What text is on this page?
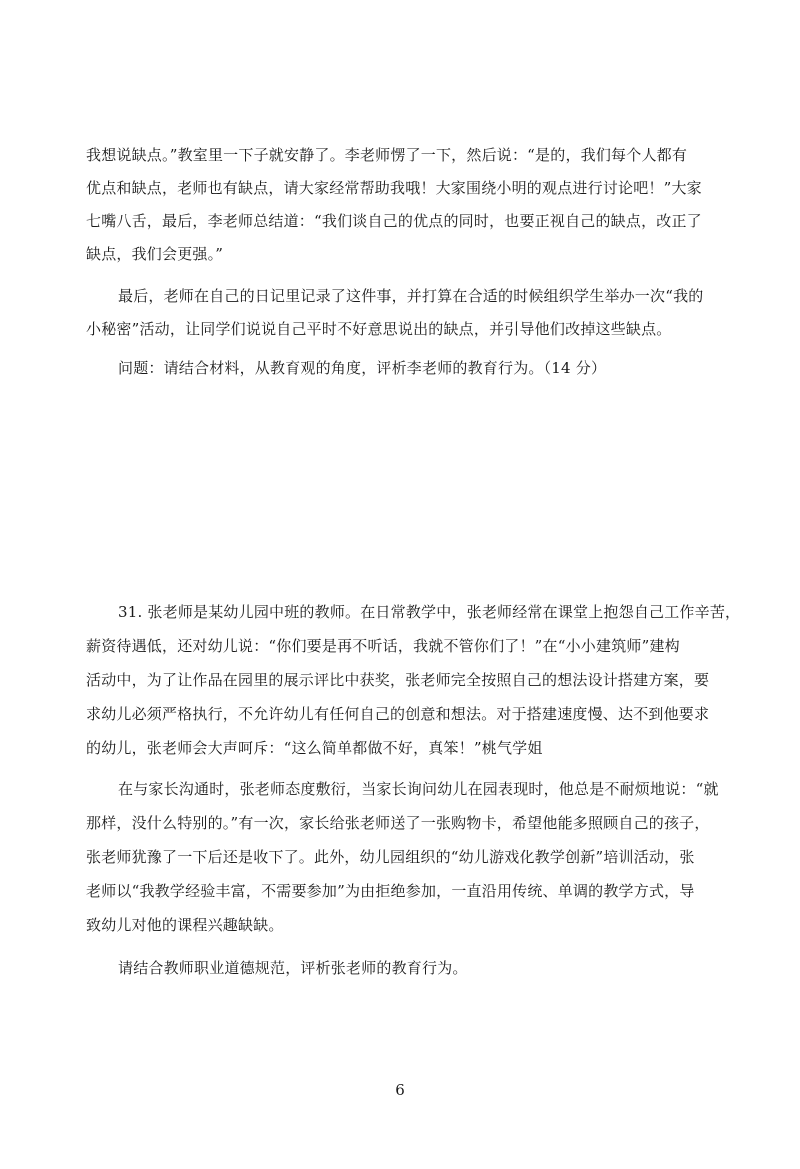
我想说缺点。”教室里一下子就安静了。李老师愣了一下，然后说：“是的，我们每个人都有
优点和缺点，老师也有缺点，请大家经常帮助我哦！大家围绕小明的观点进行讨论吧！”大家
七嘴八舌，最后，李老师总结道：“我们谈自己的优点的同时，也要正视自己的缺点，改正了
缺点，我们会更强。”
最后，老师在自己的日记里记录了这件事，并打算在合适的时候组织学生举办一次“我的
小秘密”活动，让同学们说说自己平时不好意思说出的缺点，并引导他们改掉这些缺点。
问题：请结合材料，从教育观的角度，评析李老师的教育行为。（14 分）
31. 张老师是某幼儿园中班的教师。在日常教学中，张老师经常在课堂上抱怨自己工作辛苦，
薪资待遇低，还对幼儿说：“你们要是再不听话，我就不管你们了！”在“小小建筑师”建构
活动中，为了让作品在园里的展示评比中获奖，张老师完全按照自己的想法设计搭建方案，要
求幼儿必须严格执行，不允许幼儿有任何自己的创意和想法。对于搭建速度慢、达不到他要求
的幼儿，张老师会大声呵斥：“这么简单都做不好，真笨！”桃气学姐
在与家长沟通时，张老师态度敷衍，当家长询问幼儿在园表现时，他总是不耐烦地说：“就
那样，没什么特别的。”有一次，家长给张老师送了一张购物卡，希望他能多照顾自己的孩子，
张老师犹豫了一下后还是收下了。此外，幼儿园组织的“幼儿游戏化教学创新”培训活动，张
老师以“我教学经验丰富，不需要参加”为由拒绝参加，一直沿用传统、单调的教学方式，导
致幼儿对他的课程兴趣缺缺。
请结合教师职业道德规范，评析张老师的教育行为。
6
